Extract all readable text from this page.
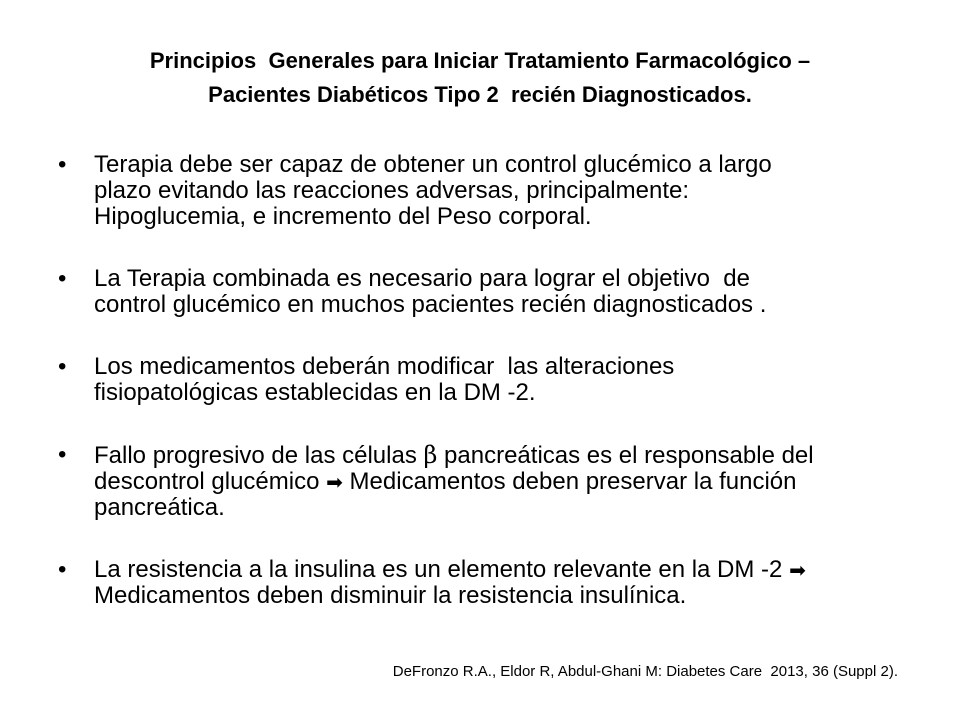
Principios  Generales para Iniciar Tratamiento Farmacológico –
Pacientes Diabéticos Tipo 2  recién Diagnosticados.
• Terapia debe ser capaz de obtener un control glucémico a largo
plazo evitando las reacciones adversas, principalmente:
Hipoglucemia, e incremento del Peso corporal.
• La Terapia combinada es necesario para lograr el objetivo  de
control glucémico en muchos pacientes recién diagnosticados .
• Los medicamentos deberán modificar  las alteraciones
fisiopatológicas establecidas en la DM -2.
• Fallo progresivo de las células β pancreáticas es el responsable del
descontrol glucémico ➡ Medicamentos deben preservar la función
pancreática.
• La resistencia a la insulina es un elemento relevante en la DM -2 ➡
Medicamentos deben disminuir la resistencia insulínica.
DeFronzo R.A., Eldor R, Abdul-Ghani M: Diabetes Care  2013, 36 (Suppl 2).
